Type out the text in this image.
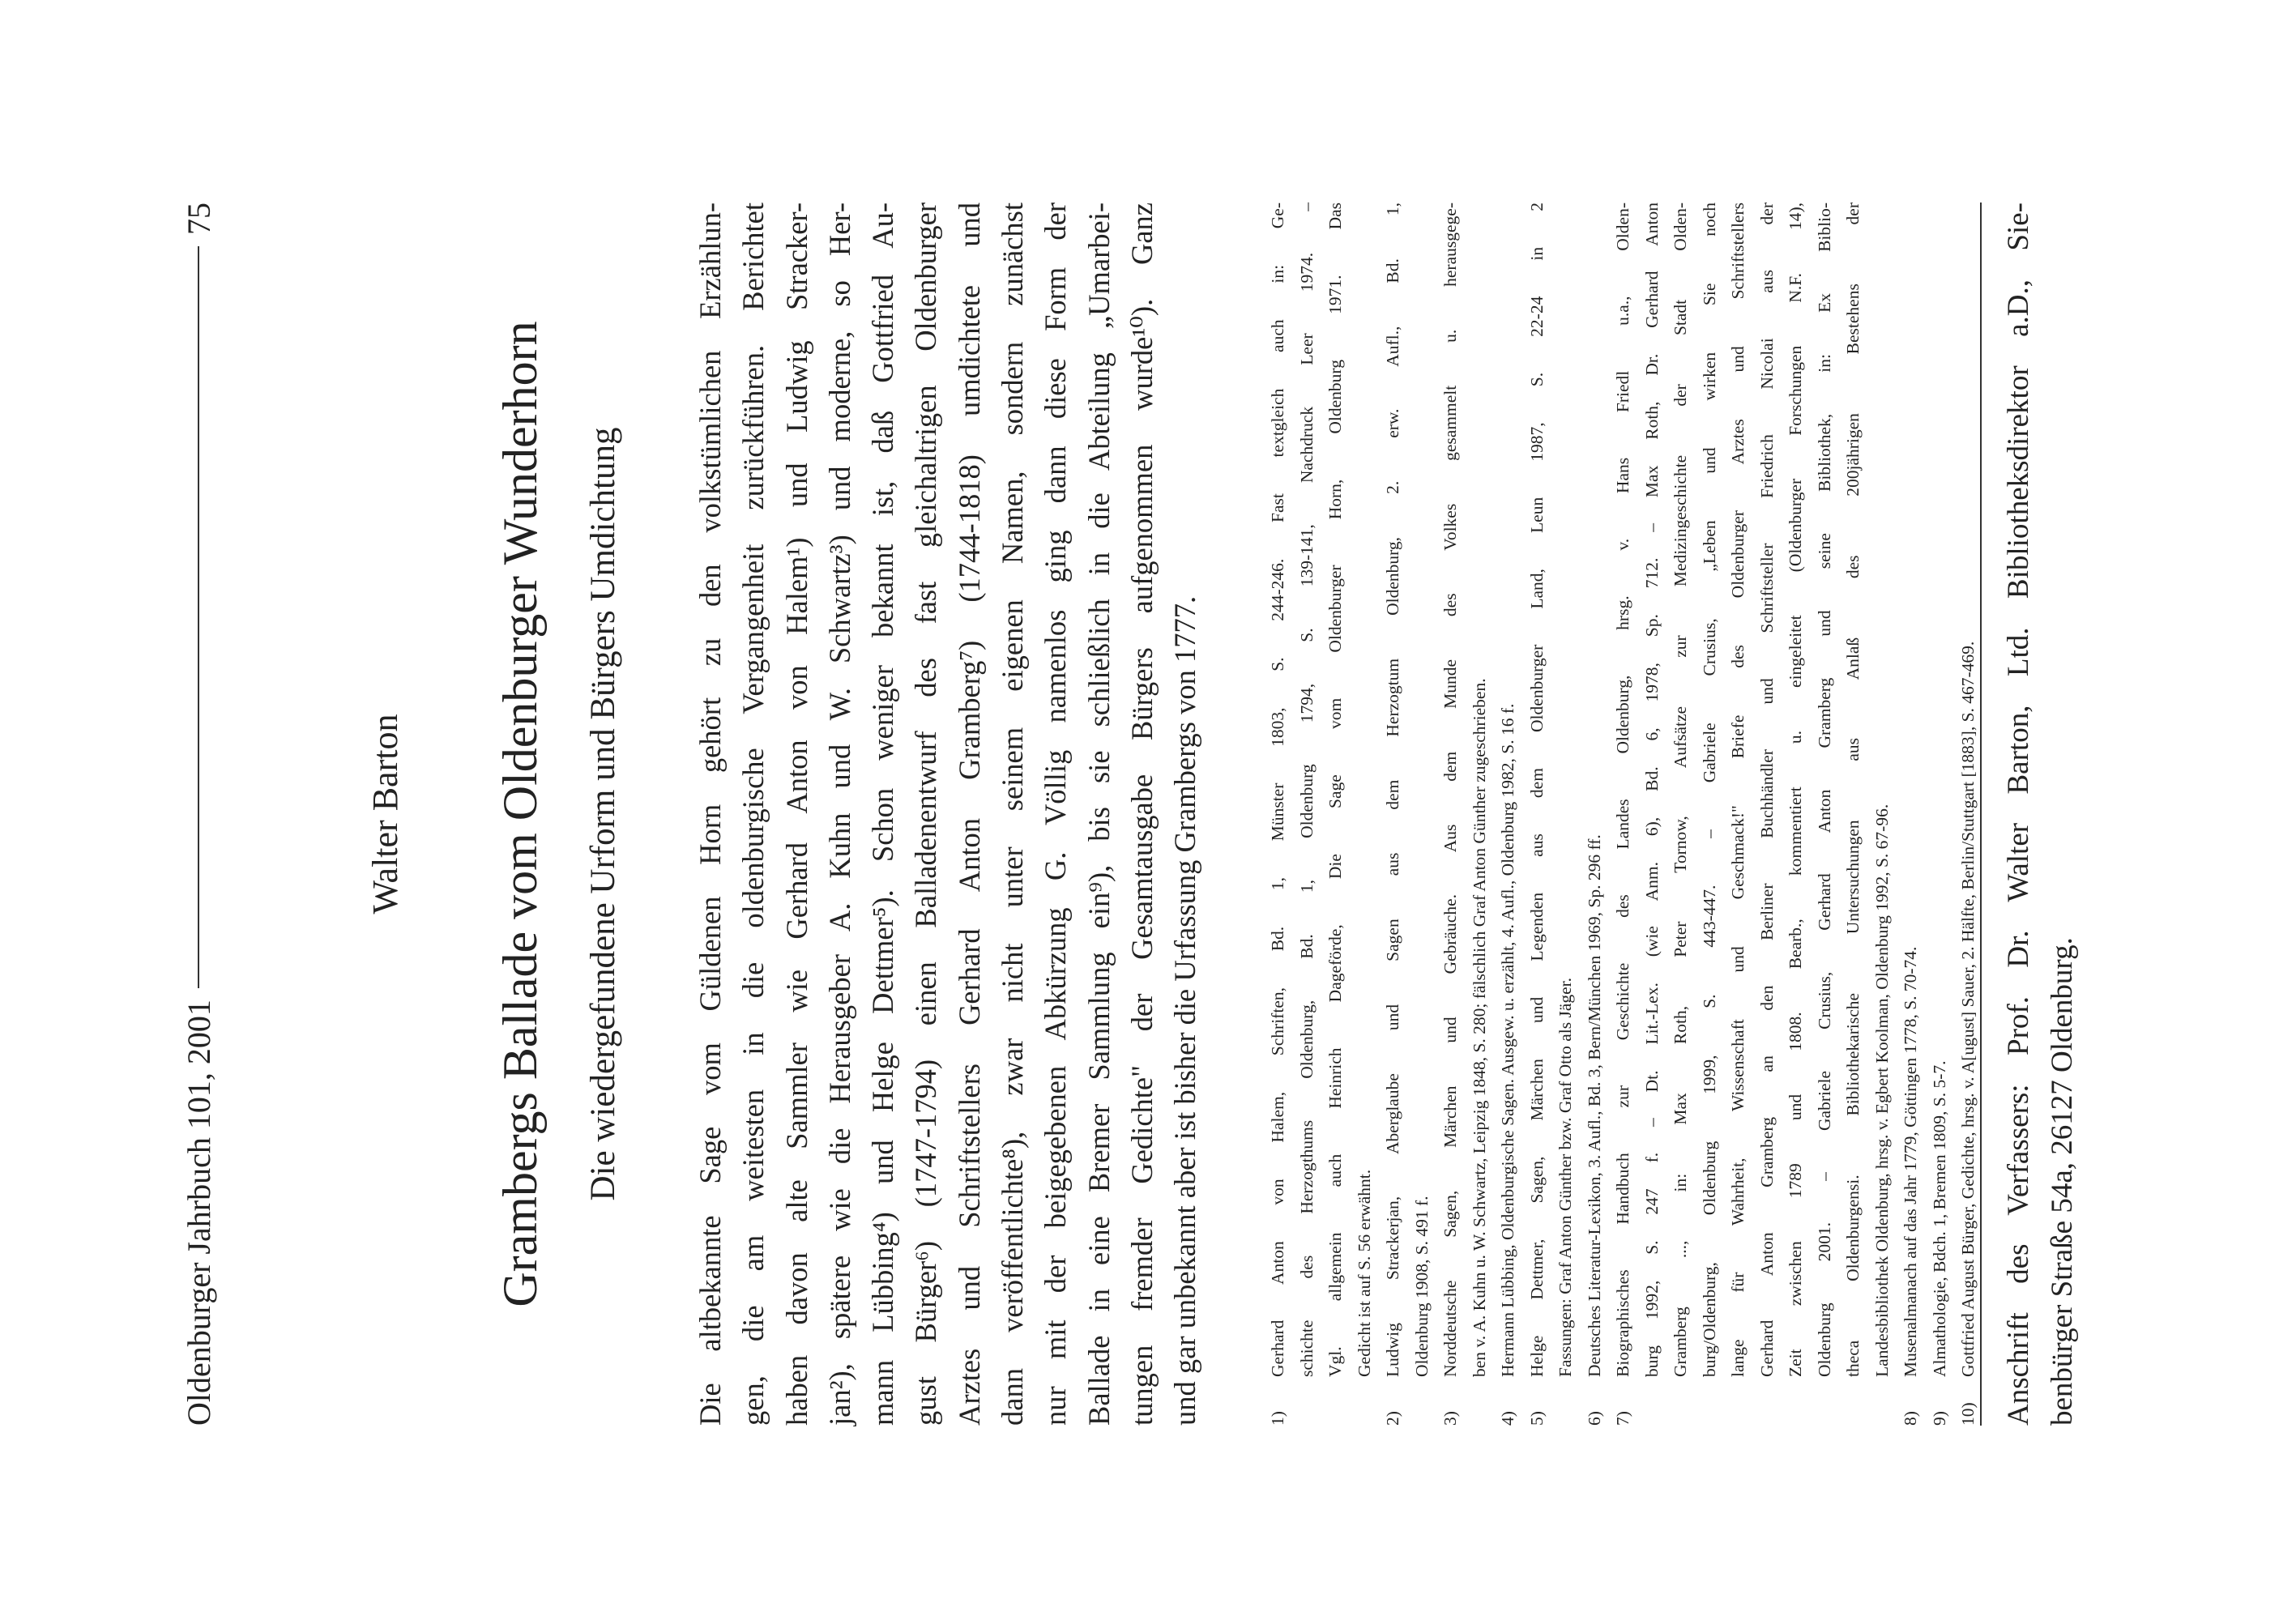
Oldenburger Jahrbuch 101, 2001
75
Walter Barton Grambergs Ballade vom Oldenburger Wunderhorn Die wiedergefundene Urform und Bürgers Umdichtung Die altbekannte Sage vom Güldenen Horn gehört zu den volkstümlichen Erzählun- gen, die am weitesten in die oldenburgische Vergangenheit zurückführen. Berichtet haben davon alte Sammler wie Gerhard Anton von Halem¹) und Ludwig Stracker- jan²), spätere wie die Herausgeber A. Kuhn und W. Schwartz³) und moderne, so Her- mann Lübbing⁴) und Helge Dettmer⁵). Schon weniger bekannt ist, daß Gottfried Au- gust Bürger⁶) (1747-1794) einen Balladenentwurf des fast gleichaltrigen Oldenburger Arztes und Schriftstellers Gerhard Anton Gramberg⁷) (1744-1818) umdichtete und dann veröffentlichte⁸), zwar nicht unter seinem eigenen Namen, sondern zunächst nur mit der beigegebenen Abkürzung G. Völlig namenlos ging dann diese Form der Ballade in eine Bremer Sammlung ein⁹), bis sie schließlich in die Abteilung „Umarbei- tungen fremder Gedichte" der Gesamtausgabe Bürgers aufgenommen wurde¹⁰). Ganz und gar unbekannt aber ist bisher die Urfassung Grambergs von 1777.	1)
Gerhard Anton von Halem, Schriften, Bd. 1, Münster 1803, S. 244-246. Fast textgleich auch in: Ge- schichte des Herzogthums Oldenburg, Bd. 1, Oldenburg 1794, S. 139-141, Nachdruck Leer 1974. – Vgl. allgemein auch Heinrich Dageförde, Die Sage vom Oldenburger Horn, Oldenburg 1971. Das Gedicht ist auf S. 56 erwähnt.
2)
Ludwig Strackerjan, Aberglaube und Sagen aus dem Herzogtum Oldenburg, 2. erw. Aufl., Bd. 1, Oldenburg 1908, S. 491 f.
3)
Norddeutsche Sagen, Märchen und Gebräuche. Aus dem Munde des Volkes gesammelt u. herausgege- ben v. A. Kuhn u. W. Schwartz, Leipzig 1848, S. 280; fälschlich Graf Anton Günther zugeschrieben.
4)
Hermann Lübbing, Oldenburgische Sagen. Ausgew. u. erzählt, 4. Aufl., Oldenburg 1982, S. 16 f.
5)
Helge Dettmer, Sagen, Märchen und Legenden aus dem Oldenburger Land, Leun 1987, S. 22-24 in 2 Fassungen: Graf Anton Günther bzw. Graf Otto als Jäger.
6)
Deutsches Literatur-Lexikon, 3. Aufl., Bd. 3, Bern/München 1969, Sp. 296 ff.
7)
Biographisches Handbuch zur Geschichte des Landes Oldenburg, hrsg. v. Hans Friedl u.a., Olden- burg 1992, S. 247 f. – Dt. Lit.-Lex. (wie Anm. 6), Bd. 6, 1978, Sp. 712. – Max Roth, Dr. Gerhard Anton Gramberg ..., in: Max Roth, Peter Tornow, Aufsätze zur Medizingeschichte der Stadt Olden- burg/Oldenburg, Oldenburg 1999, S. 443-447. – Gabriele Crusius, „Leben und wirken Sie noch lange für Wahrheit, Wissenschaft und Geschmack!" Briefe des Oldenburger Arztes und Schriftstellers Gerhard Anton Gramberg an den Berliner Buchhändler und Schriftsteller Friedrich Nicolai aus der Zeit zwischen 1789 und 1808. Bearb., kommentiert u. eingeleitet (Oldenburger Forschungen N.F. 14), Oldenburg 2001. – Gabriele Crusius, Gerhard Anton Gramberg und seine Bibliothek, in: Ex Biblio- theca Oldenburgensi. Bibliothekarische Untersuchungen aus Anlaß des 200jährigen Bestehens der Landesbibliothek Oldenburg, hrsg. v. Egbert Koolman, Oldenburg 1992, S. 67-96.
8)
Musenalmanach auf das Jahr 1779, Göttingen 1778, S. 70-74.
9)
Almathologie, Bdch. 1, Bremen 1809, S. 5-7.
10)
Gottfried August Bürger, Gedichte, hrsg. v. A[ugust] Sauer, 2. Hälfte, Berlin/Stuttgart [1883], S. 467-469. Anschrift des Verfassers: Prof. Dr. Walter Barton, Ltd. Bibliotheksdirektor a.D., Sie- benbürger Straße 54a, 26127 Oldenburg.
